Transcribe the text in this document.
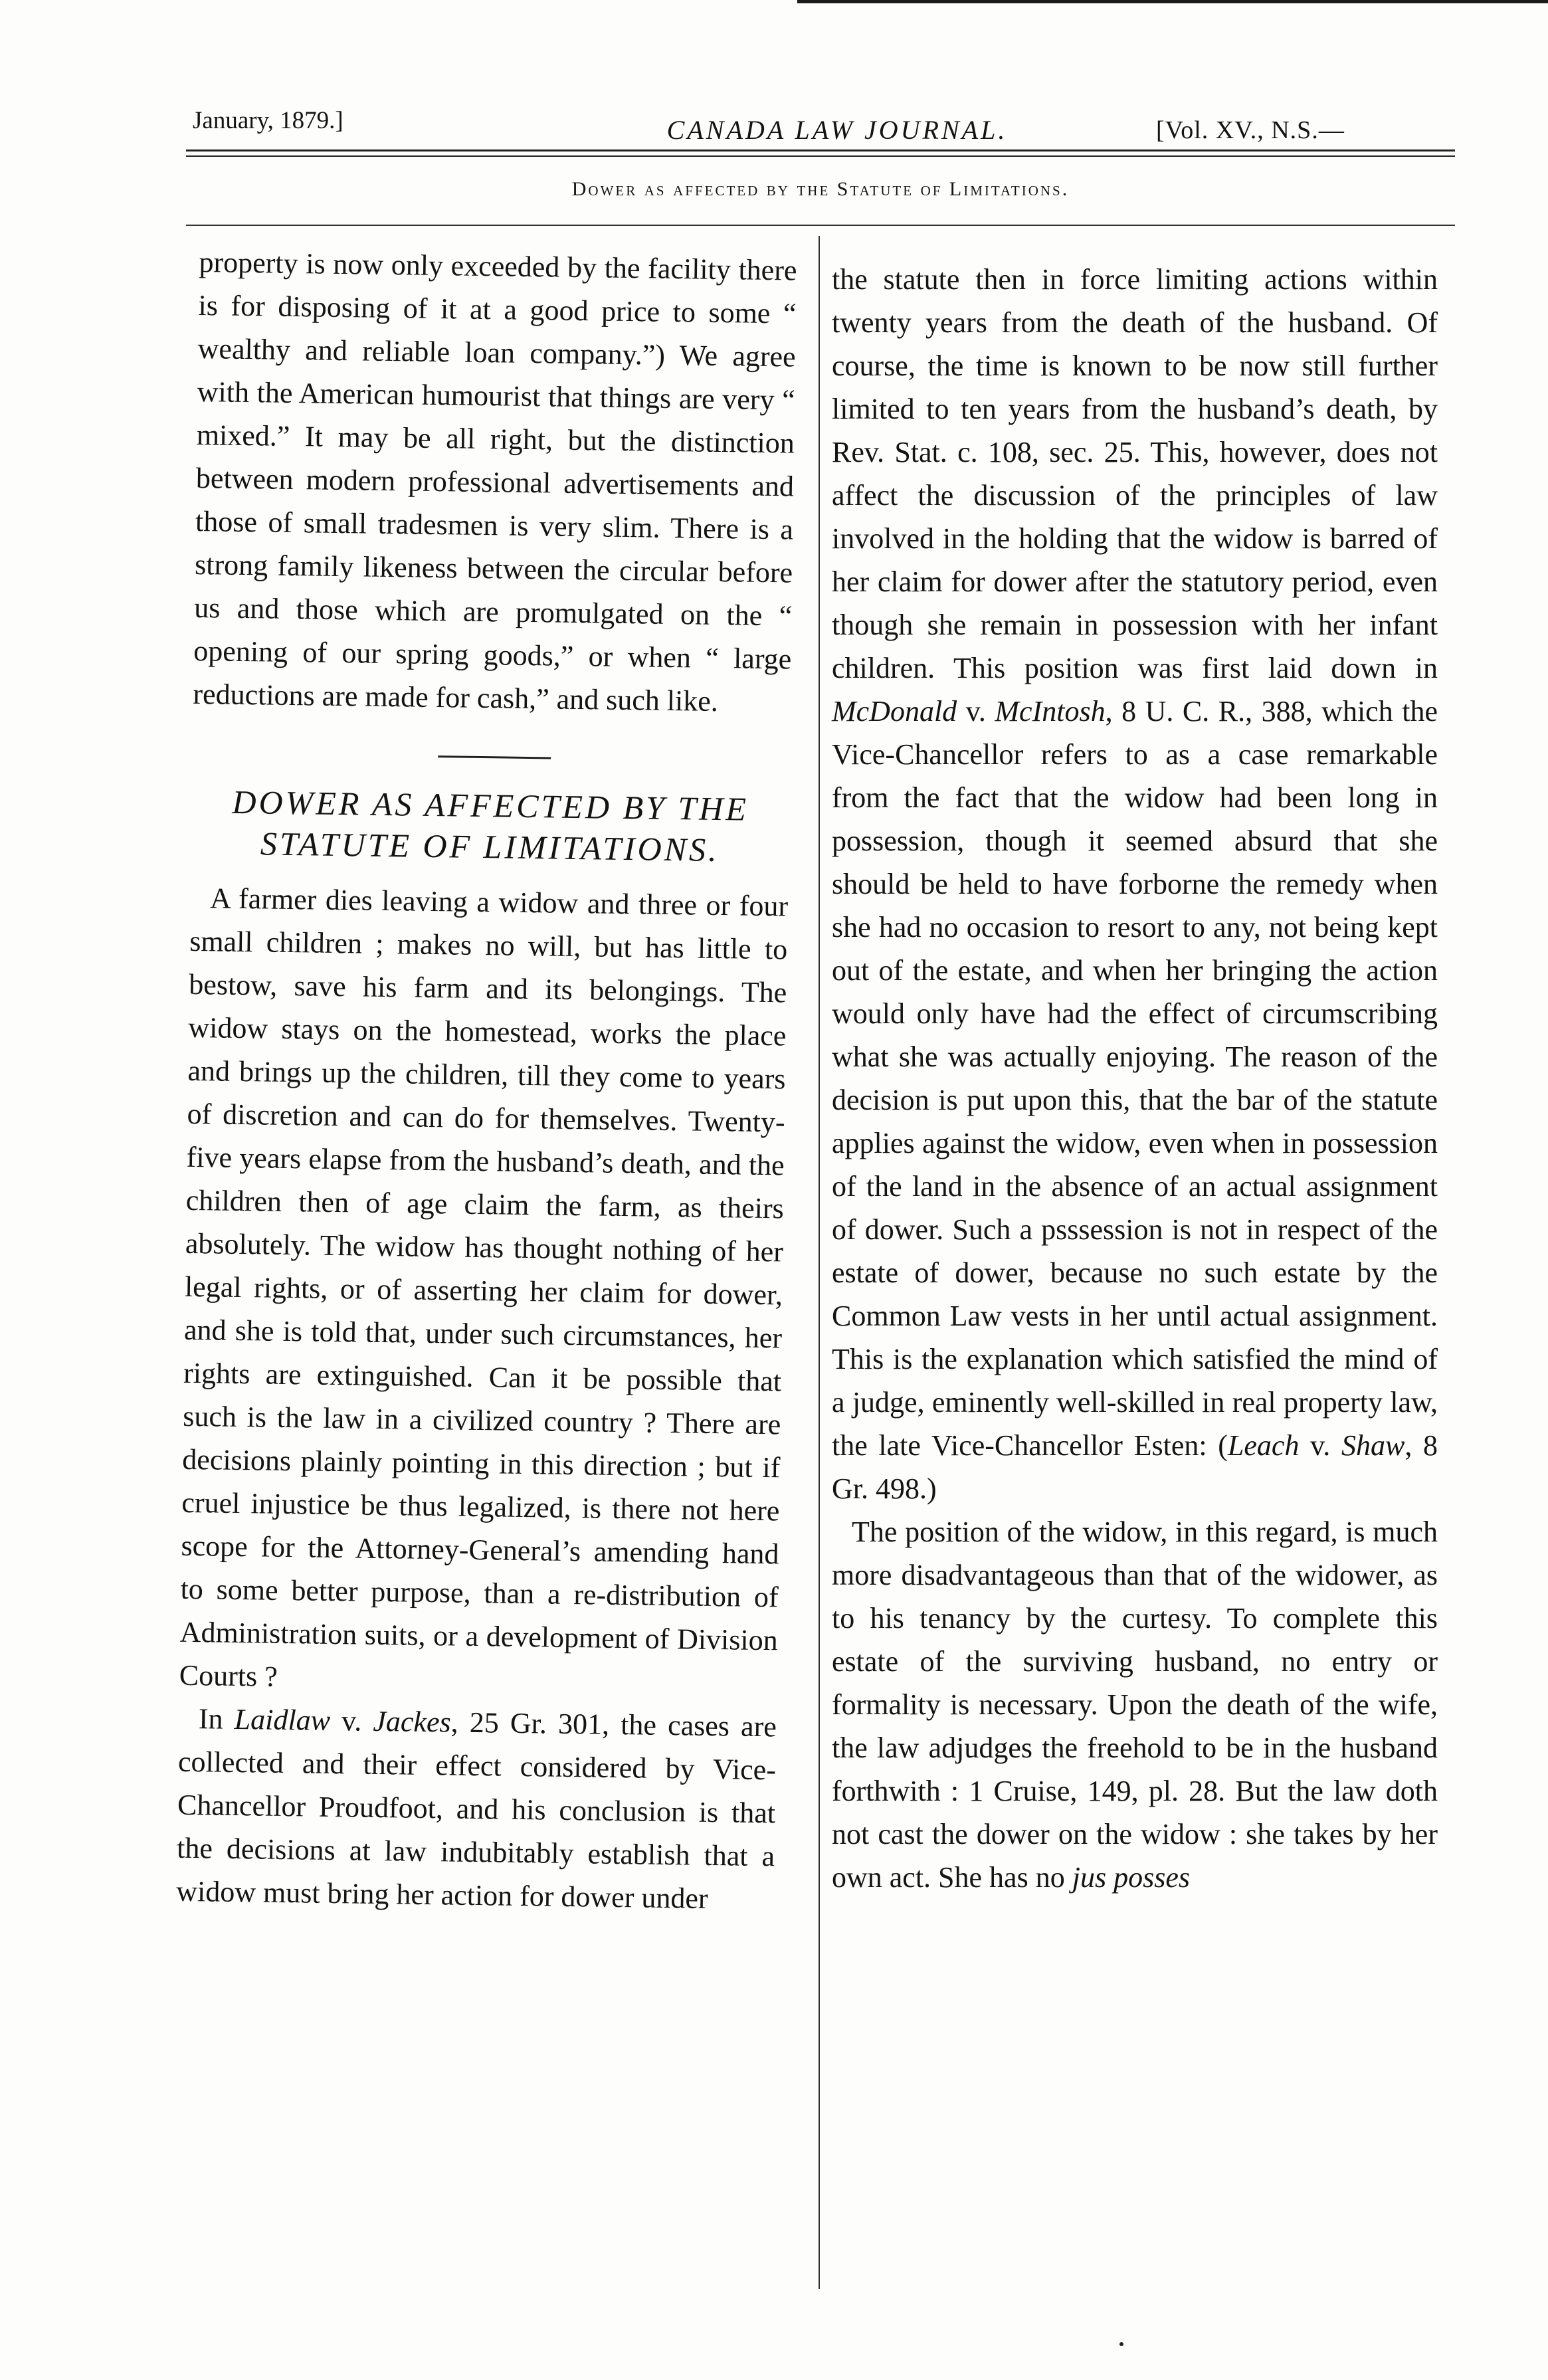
January, 1879.]	CANADA LAW JOURNAL.	[Vol. XV., N.S.—
Dower as affected by the Statute of Limitations.

property is now only exceeded by the facility there is for disposing of it at a good price to some “ wealthy and reliable loan company.”) We agree with the American humourist that things are very “ mixed.” It may be all right, but the distinction between modern professional advertisements and those of small tradesmen is very slim. There is a strong family likeness between the circular before us and those which are promulgated on the “ opening of our spring goods,” or when “ large reductions are made for cash,” and such like.

DOWER AS AFFECTED BY THE STATUTE OF LIMITATIONS.

A farmer dies leaving a widow and three or four small children ; makes no will, but has little to bestow, save his farm and its belongings. The widow stays on the homestead, works the place and brings up the children, till they come to years of discretion and can do for themselves. Twenty-five years elapse from the husband’s death, and the children then of age claim the farm, as theirs absolutely. The widow has thought nothing of her legal rights, or of asserting her claim for dower, and she is told that, under such circumstances, her rights are extinguished. Can it be possible that such is the law in a civilized country ? There are decisions plainly pointing in this direction ; but if cruel injustice be thus legalized, is there not here scope for the Attorney-General’s amending hand to some better purpose, than a re-distribution of Administration suits, or a development of Division Courts ?

In Laidlaw v. Jackes, 25 Gr. 301, the cases are collected and their effect considered by Vice-Chancellor Proudfoot, and his conclusion is that the decisions at law indubitably establish that a widow must bring her action for dower under

the statute then in force limiting actions within twenty years from the death of the husband. Of course, the time is known to be now still further limited to ten years from the husband’s death, by Rev. Stat. c. 108, sec. 25. This, however, does not affect the discussion of the principles of law involved in the holding that the widow is barred of her claim for dower after the statutory period, even though she remain in possession with her infant children. This position was first laid down in McDonald v. McIntosh, 8 U. C. R., 388, which the Vice-Chancellor refers to as a case remarkable from the fact that the widow had been long in possession, though it seemed absurd that she should be held to have forborne the remedy when she had no occasion to resort to any, not being kept out of the estate, and when her bringing the action would only have had the effect of circumscribing what she was actually enjoying. The reason of the decision is put upon this, that the bar of the statute applies against the widow, even when in possession of the land in the absence of an actual assignment of dower. Such a psssession is not in respect of the estate of dower, because no such estate by the Common Law vests in her until actual assignment. This is the explanation which satisfied the mind of a judge, eminently well-skilled in real property law, the late Vice-Chancellor Esten: (Leach v. Shaw, 8 Gr. 498.)

The position of the widow, in this regard, is much more disadvantageous than that of the widower, as to his tenancy by the curtesy. To complete this estate of the surviving husband, no entry or formality is necessary. Upon the death of the wife, the law adjudges the freehold to be in the husband forthwith : 1 Cruise, 149, pl. 28. But the law doth not cast the dower on the widow : she takes by her own act. She has no jus posses
